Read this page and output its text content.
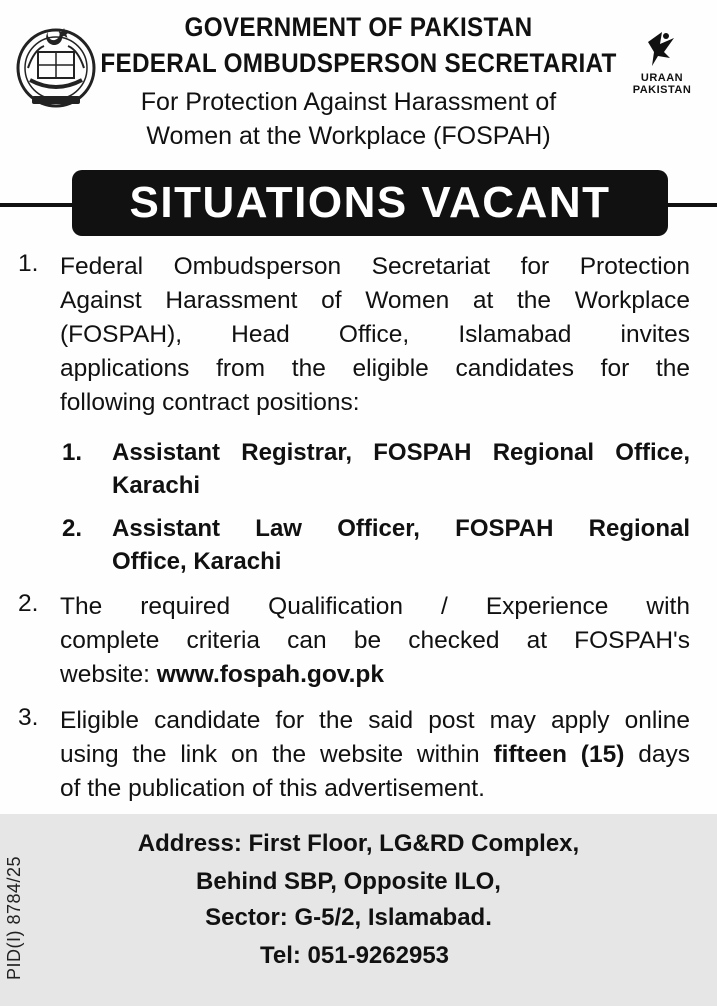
URAAN
PAKISTAN
GOVERNMENT OF PAKISTAN
FEDERAL OMBUDSPERSON SECRETARIAT
For Protection Against Harassment of
Women at the Workplace (FOSPAH)
SITUATIONS VACANT
1. Federal Ombudsperson Secretariat for Protection
Against Harassment of Women at the Workplace
(FOSPAH), Head Office, Islamabad invites
applications from the eligible candidates for the
following contract positions:
1. Assistant Registrar, FOSPAH Regional Office,
Karachi
2. Assistant Law Officer, FOSPAH Regional
Office, Karachi
2. The required Qualification / Experience with
complete criteria can be checked at FOSPAH's
website: www.fospah.gov.pk
3. Eligible candidate for the said post may apply online
using the link on the website within fifteen (15) days
of the publication of this advertisement.
PID(I) 8784/25
Address: First Floor, LG&RD Complex,
Behind SBP, Opposite ILO,
Sector: G-5/2, Islamabad.
Tel: 051-9262953
